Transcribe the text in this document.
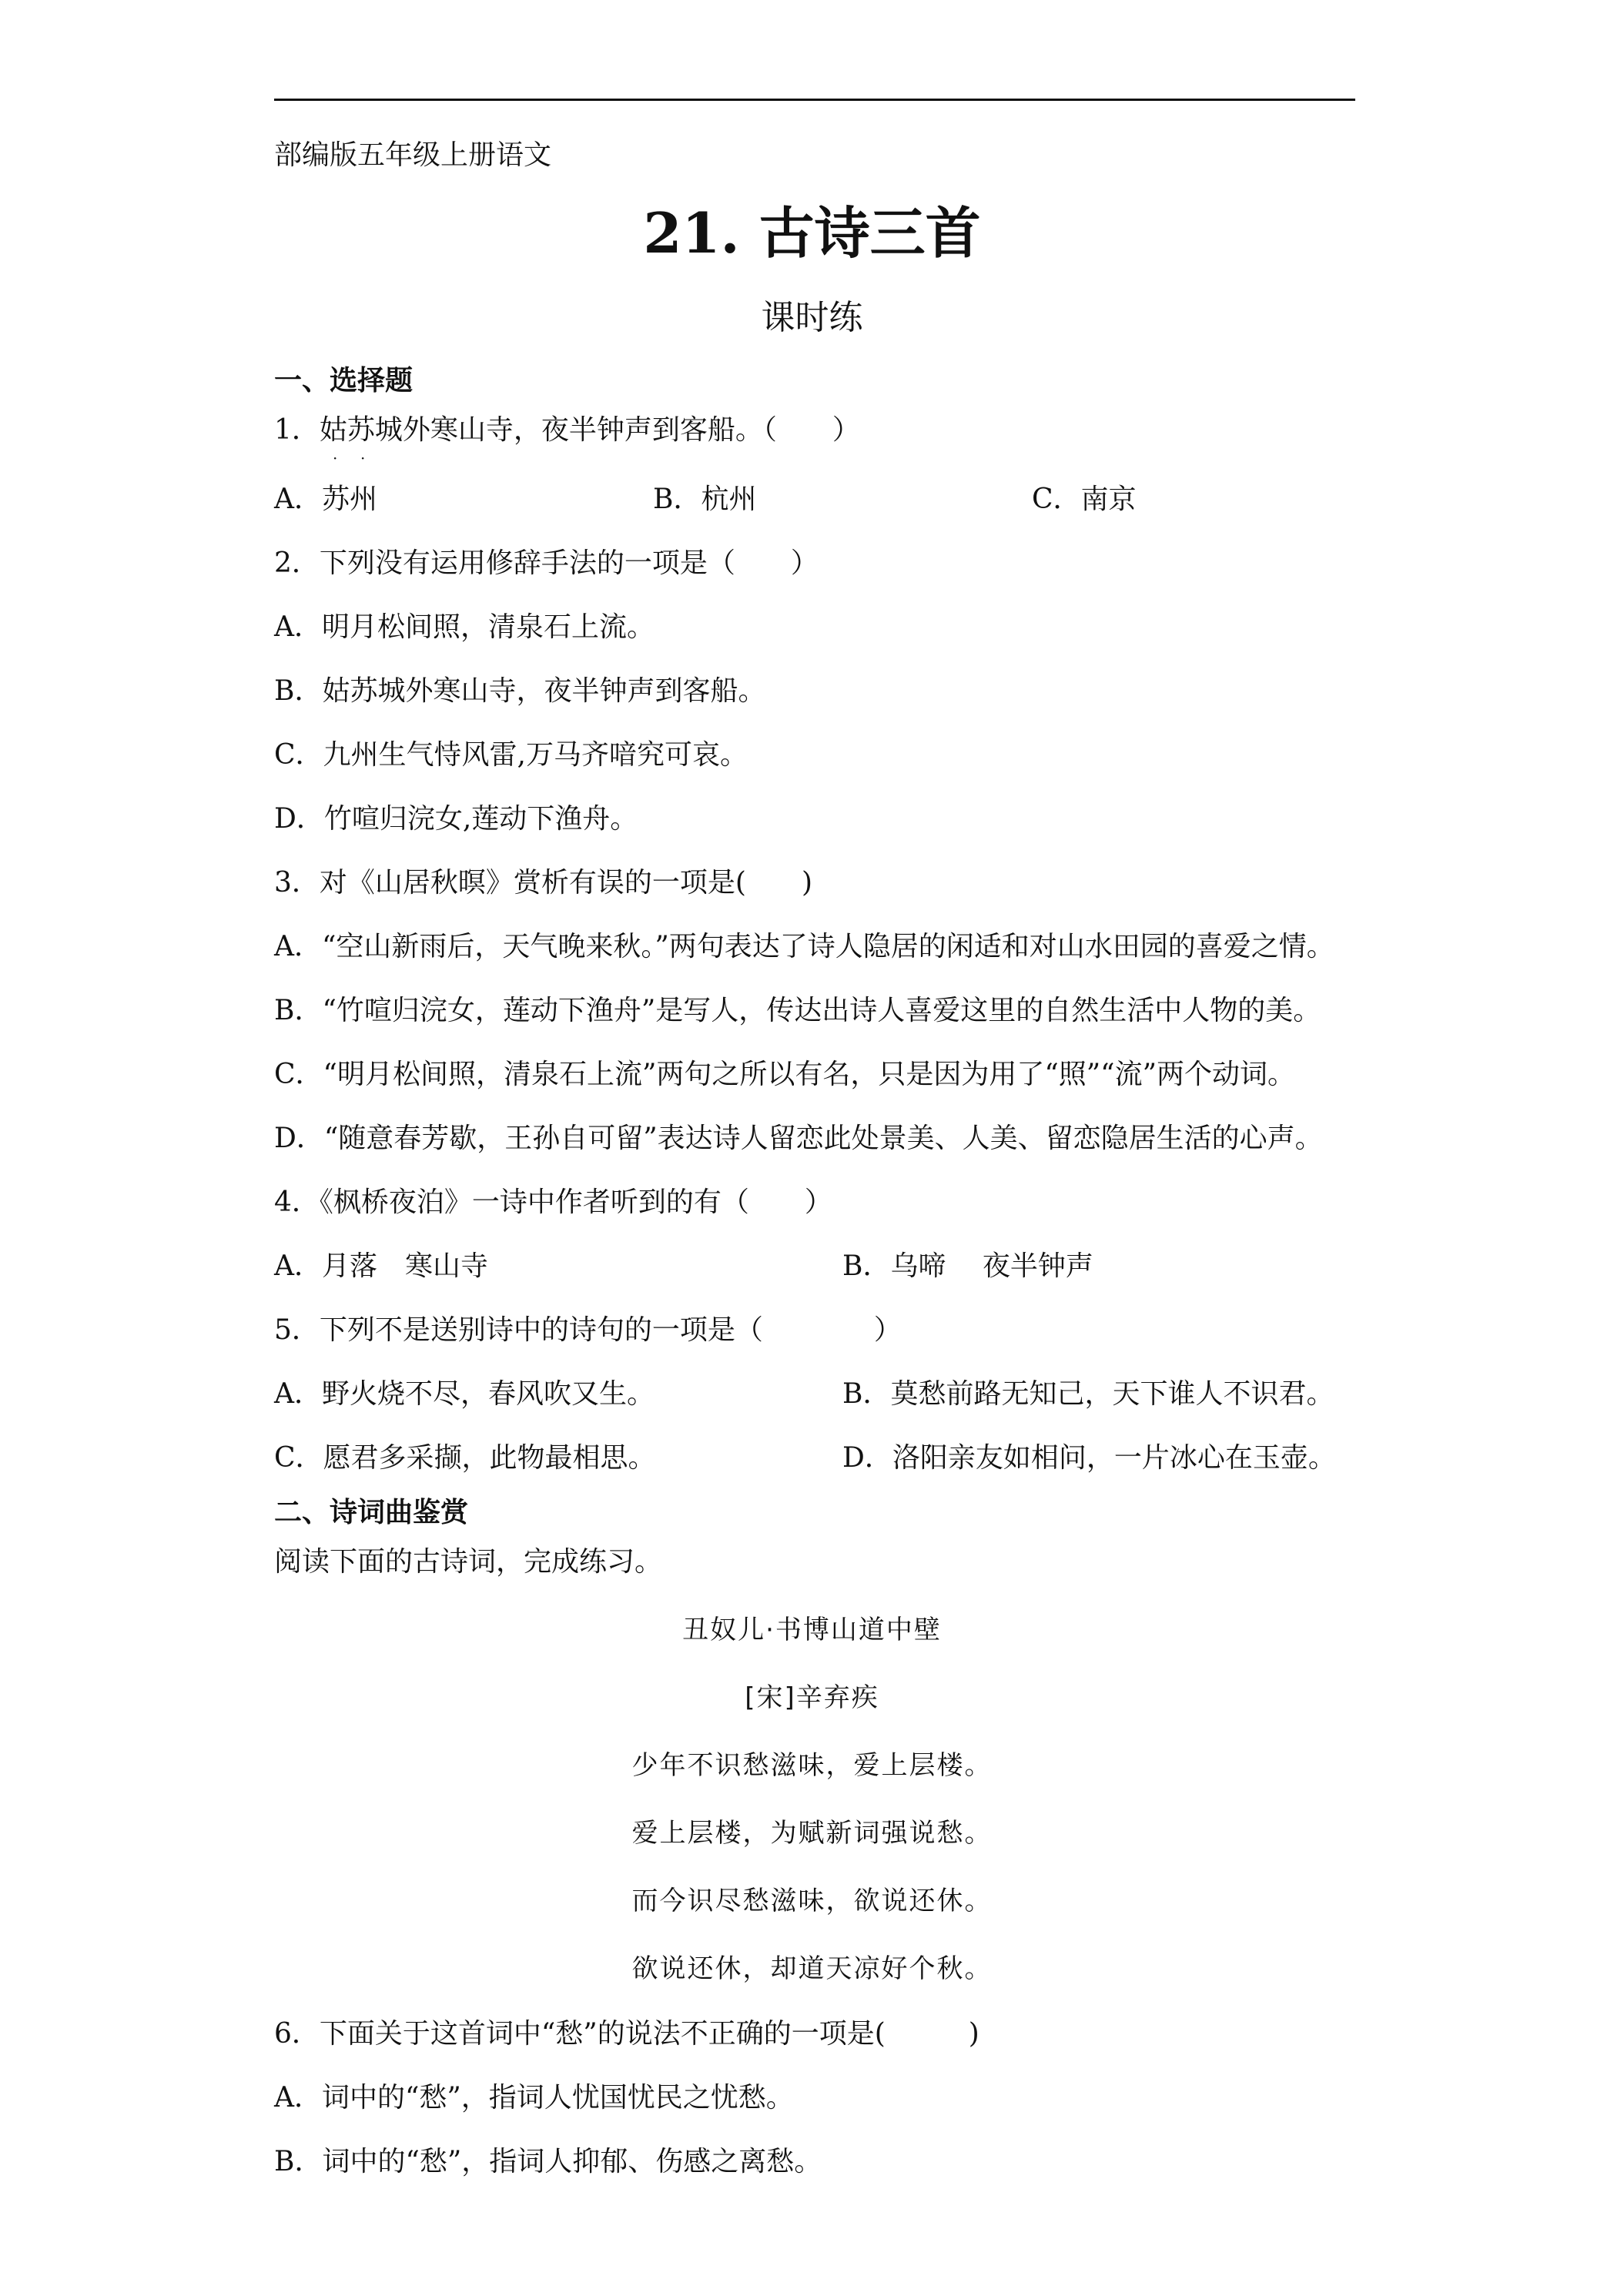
部编版五年级上册语文
21. 古诗三首
课时练
一、选择题
1．姑苏城外寒山寺，夜半钟声到客船。（　　）
· ·
A．苏州	B．杭州	C．南京
2．下列没有运用修辞手法的一项是（　　）
A．明月松间照，清泉石上流。
B．姑苏城外寒山寺，夜半钟声到客船。
C．九州生气恃风雷,万马齐喑究可哀。
D．竹喧归浣女,莲动下渔舟。
3．对《山居秋暝》赏析有误的一项是(　　)
A．“空山新雨后，天气晚来秋。”两句表达了诗人隐居的闲适和对山水田园的喜爱之情。
B．“竹喧归浣女，莲动下渔舟”是写人，传达出诗人喜爱这里的自然生活中人物的美。
C．“明月松间照，清泉石上流”两句之所以有名，只是因为用了“照”“流”两个动词。
D．“随意春芳歇，王孙自可留”表达诗人留恋此处景美、人美、留恋隐居生活的心声。
4．《枫桥夜泊》一诗中作者听到的有（　　）
A．月落　寒山寺	B．乌啼　 夜半钟声
5．下列不是送别诗中的诗句的一项是（　　　　）
A．野火烧不尽，春风吹又生。	B．莫愁前路无知己，天下谁人不识君。
C．愿君多采撷，此物最相思。	D．洛阳亲友如相问，一片冰心在玉壶。
二、诗词曲鉴赏
阅读下面的古诗词，完成练习。
丑奴儿·书博山道中壁
[宋]辛弃疾
少年不识愁滋味，爱上层楼。
爱上层楼，为赋新词强说愁。
而今识尽愁滋味，欲说还休。
欲说还休，却道天凉好个秋。
6．下面关于这首词中“愁”的说法不正确的一项是(　　　)
A．词中的“愁”，指词人忧国忧民之忧愁。
B．词中的“愁”，指词人抑郁、伤感之离愁。
